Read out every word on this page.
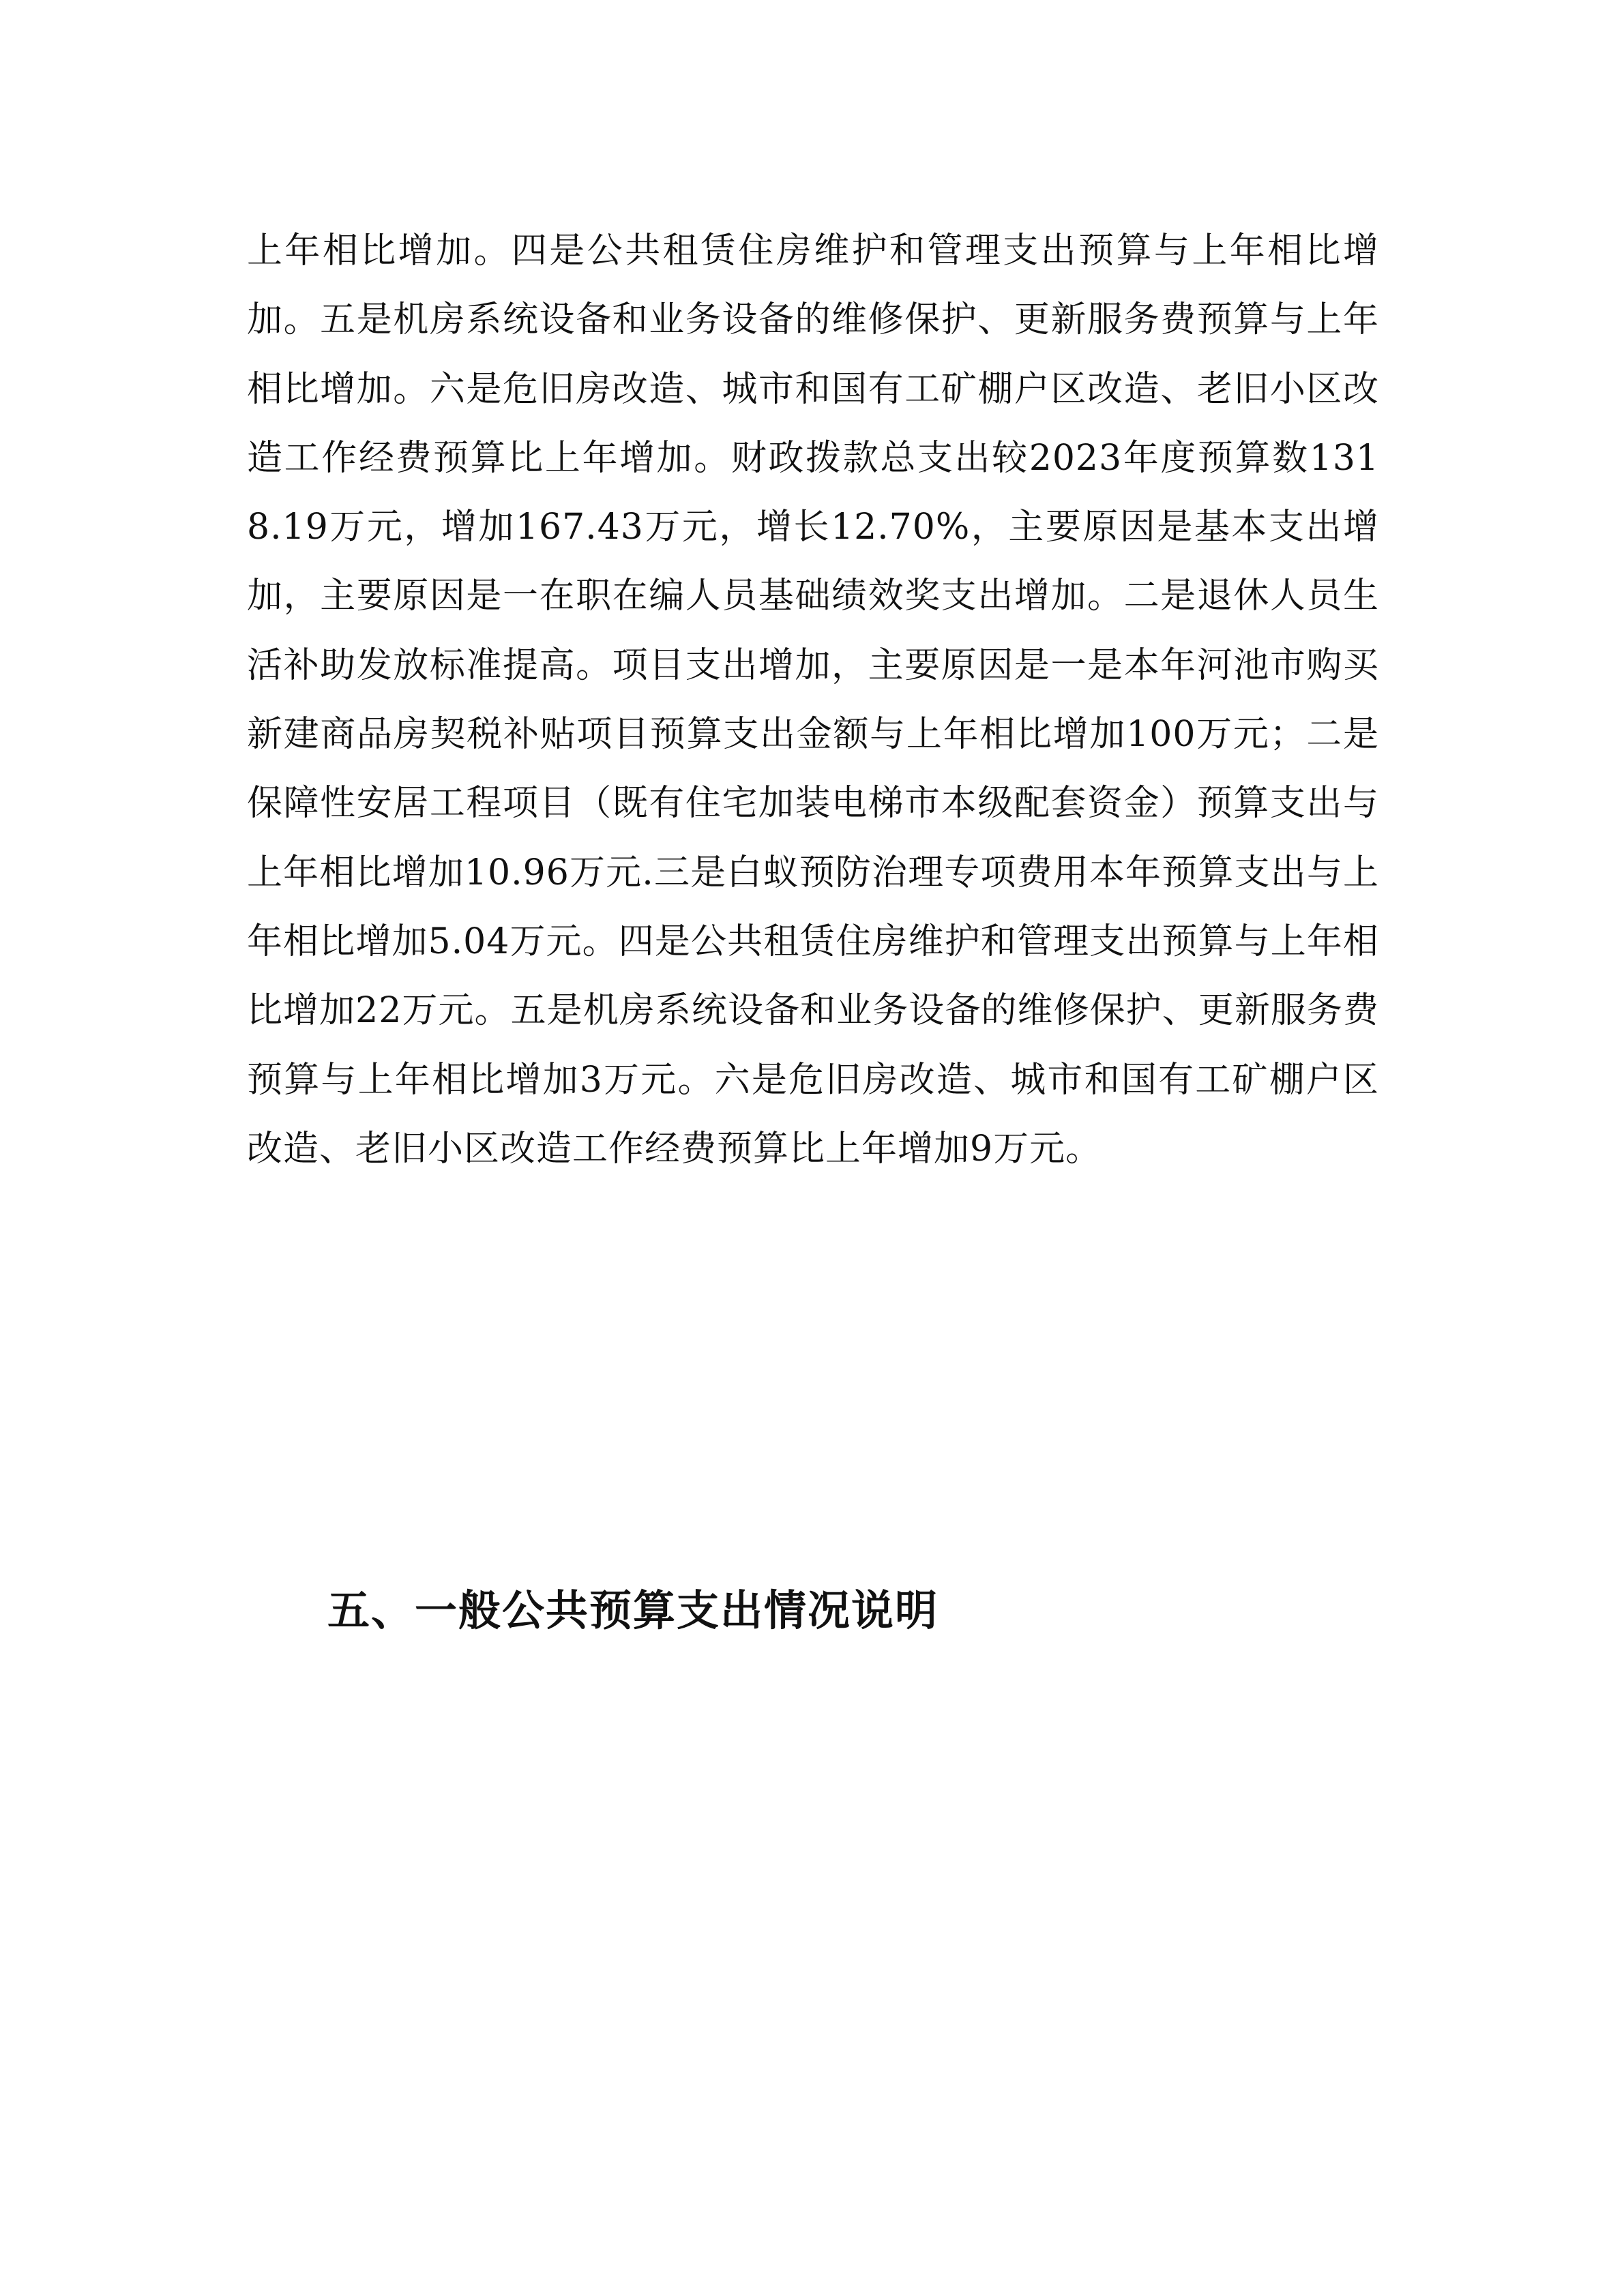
上年相比增加。四是公共租赁住房维护和管理支出预算与上年相比增加。五是机房系统设备和业务设备的维修保护、更新服务费预算与上年相比增加。六是危旧房改造、城市和国有工矿棚户区改造、老旧小区改造工作经费预算比上年增加。财政拨款总支出较2023年度预算数1318.19万元，增加167.43万元，增长12.70%，主要原因是基本支出增加，主要原因是一在职在编人员基础绩效奖支出增加。二是退休人员生活补助发放标准提高。项目支出增加，主要原因是一是本年河池市购买新建商品房契税补贴项目预算支出金额与上年相比增加100万元；二是保障性安居工程项目（既有住宅加装电梯市本级配套资金）预算支出与上年相比增加10.96万元.三是白蚁预防治理专项费用本年预算支出与上年相比增加5.04万元。四是公共租赁住房维护和管理支出预算与上年相比增加22万元。五是机房系统设备和业务设备的维修保护、更新服务费预算与上年相比增加3万元。六是危旧房改造、城市和国有工矿棚户区改造、老旧小区改造工作经费预算比上年增加9万元。

五、一般公共预算支出情况说明
